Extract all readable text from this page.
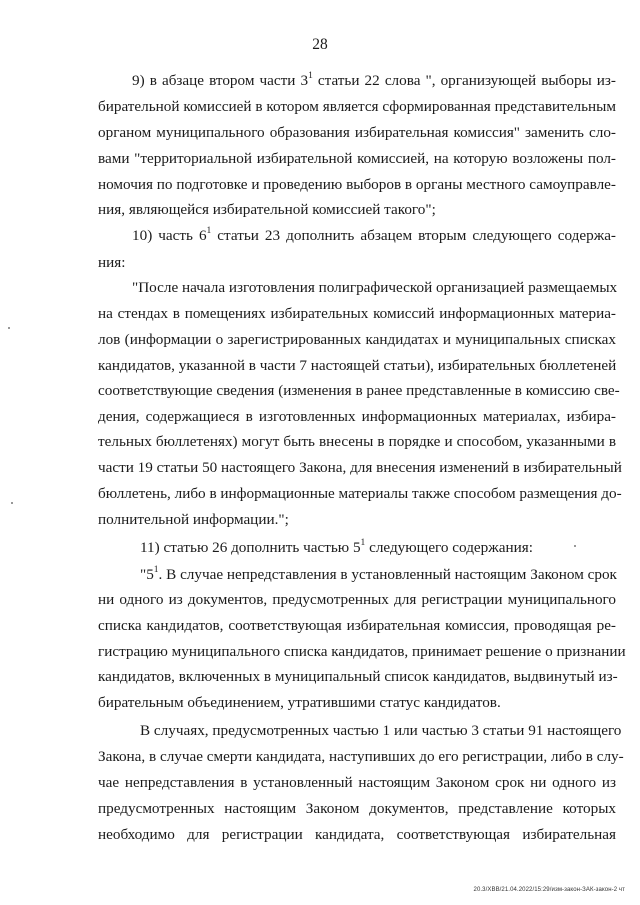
28
9) в абзаце втором части $3^1$ статьи 22 слова ", организующей выборы из-
бирательной комиссией в котором является сформированная представительным
органом муниципального образования избирательная комиссия" заменить сло-
вами "территориальной избирательной комиссией, на которую возложены пол-
номочия по подготовке и проведению выборов в органы местного самоуправле-
ния, являющейся избирательной комиссией такого";
10) часть $6^1$ статьи 23 дополнить абзацем вторым следующего содержа-
ния:
"После начала изготовления полиграфической организацией размещаемых
на стендах в помещениях избирательных комиссий информационных материа-
лов (информации о зарегистрированных кандидатах и муниципальных списках
кандидатов, указанной в части 7 настоящей статьи), избирательных бюллетеней
соответствующие сведения (изменения в ранее представленные в комиссию све-
дения, содержащиеся в изготовленных информационных материалах, избира-
тельных бюллетенях) могут быть внесены в порядке и способом, указанными в
части 19 статьи 50 настоящего Закона, для внесения изменений в избирательный
бюллетень, либо в информационные материалы также способом размещения до-
полнительной информации.";
11) статью 26 дополнить частью $5^1$ следующего содержания:
"$5^1$. В случае непредставления в установленный настоящим Законом срок
ни одного из документов, предусмотренных для регистрации муниципального
списка кандидатов, соответствующая избирательная комиссия, проводящая ре-
гистрацию муниципального списка кандидатов, принимает решение о признании
кандидатов, включенных в муниципальный список кандидатов, выдвинутый из-
бирательным объединением, утратившими статус кандидатов.
В случаях, предусмотренных частью 1 или частью 3 статьи 91 настоящего
Закона, в случае смерти кандидата, наступивших до его регистрации, либо в слу-
чае непредставления в установленный настоящим Законом срок ни одного из
предусмотренных настоящим Законом документов, представление которых
необходимо для регистрации кандидата, соответствующая избирательная
20.3/ХВВ/21.04.2022/15:29/изм-закон-ЗАК-закон-2 чт
